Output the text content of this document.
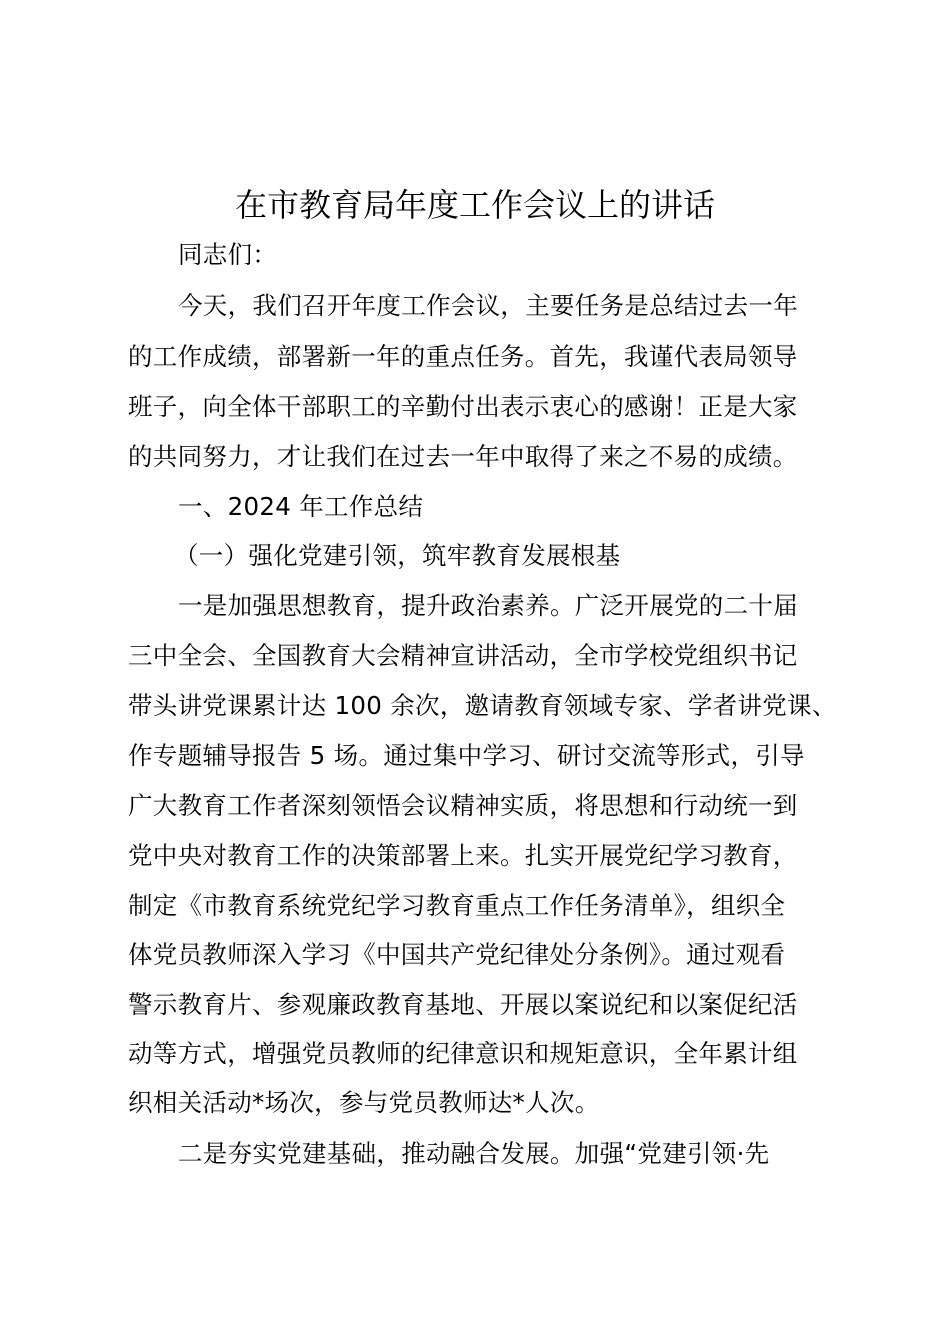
在市教育局年度工作会议上的讲话
同志们：
今天，我们召开年度工作会议，主要任务是总结过去一年
的工作成绩，部署新一年的重点任务。首先，我谨代表局领导
班子，向全体干部职工的辛勤付出表示衷心的感谢！正是大家
的共同努力，才让我们在过去一年中取得了来之不易的成绩。
一、2024 年工作总结
（一）强化党建引领，筑牢教育发展根基
一是加强思想教育，提升政治素养。广泛开展党的二十届
三中全会、全国教育大会精神宣讲活动，全市学校党组织书记
带头讲党课累计达 100 余次，邀请教育领域专家、学者讲党课、
作专题辅导报告 5 场。通过集中学习、研讨交流等形式，引导
广大教育工作者深刻领悟会议精神实质，将思想和行动统一到
党中央对教育工作的决策部署上来。扎实开展党纪学习教育，
制定《市教育系统党纪学习教育重点工作任务清单》，组织全
体党员教师深入学习《中国共产党纪律处分条例》。通过观看
警示教育片、参观廉政教育基地、开展以案说纪和以案促纪活
动等方式，增强党员教师的纪律意识和规矩意识，全年累计组
织相关活动*场次，参与党员教师达*人次。
二是夯实党建基础，推动融合发展。加强“党建引领·先
